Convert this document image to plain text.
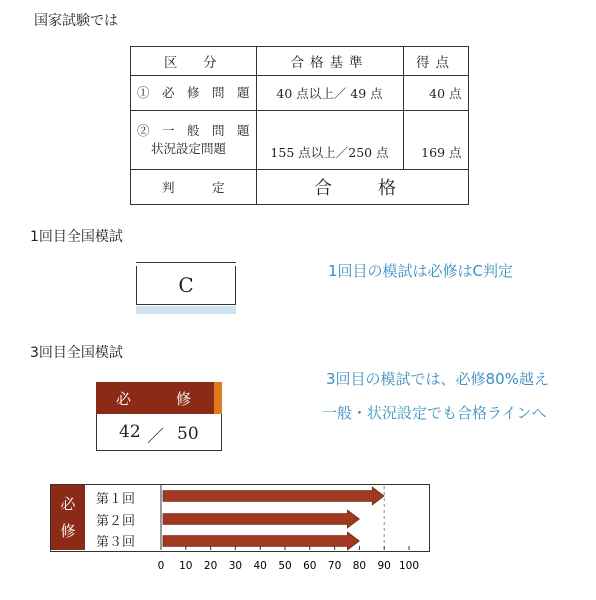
国家試験では
区　分	合格基準	得点

①　必　修　問　題	40 点以上／ 49 点	40 点

②　一　般　問　題
状況設定問題	155 点以上／250 点	169 点
判　　　定	合　格	
1回目全国模試
C
1回目の模試は必修はC判定
3回目全国模試
必	修
42 ／ 50
3回目の模試では、必修80%越え
一般・状況設定でも合格ラインへ
必
修
第１回
第２回
第３回
0 10 20 30 40 50 60 70 80 90 100
